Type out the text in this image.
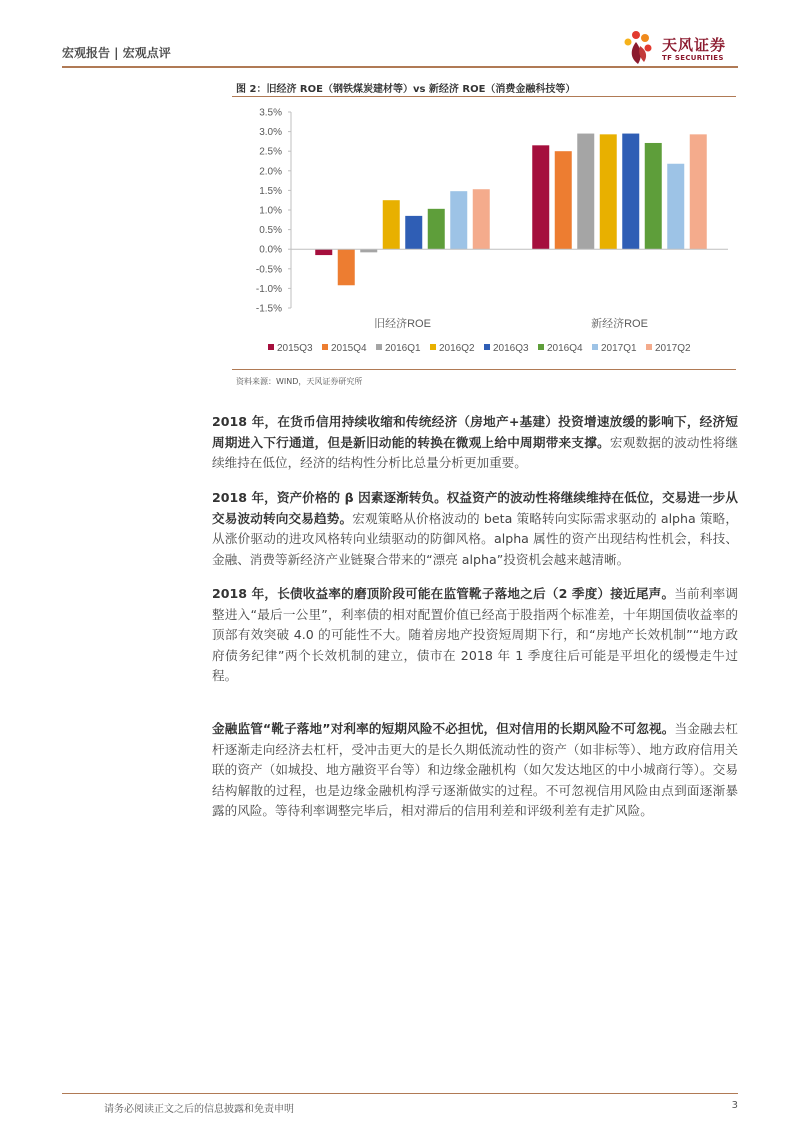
宏观报告 | 宏观点评	天风证券
TF SECURITIES
图 2：旧经济 ROE（钢铁煤炭建材等）vs 新经济 ROE（消费金融科技等）
3.5%
3.0%
2.5%
2.0%
1.5%
1.0%
0.5%
0.0%
-0.5%
-1.0%
-1.5%
旧经济ROE	新经济ROE
2015Q3 2015Q4 2016Q1 2016Q2 2016Q3 2016Q4 2017Q1 2017Q2
资料来源：WIND，天风证券研究所
2018 年，在货币信用持续收缩和传统经济（房地产+基建）投资增速放缓的影响下，经济短周期进入下行通道，但是新旧动能的转换在微观上给中周期带来支撑。宏观数据的波动性将继续维持在低位，经济的结构性分析比总量分析更加重要。
2018 年，资产价格的 β 因素逐渐转负。权益资产的波动性将继续维持在低位，交易进一步从交易波动转向交易趋势。宏观策略从价格波动的 beta 策略转向实际需求驱动的 alpha 策略，从涨价驱动的进攻风格转向业绩驱动的防御风格。alpha 属性的资产出现结构性机会，科技、金融、消费等新经济产业链聚合带来的“漂亮 alpha”投资机会越来越清晰。
2018 年，长债收益率的磨顶阶段可能在监管靴子落地之后（2 季度）接近尾声。当前利率调整进入“最后一公里”，利率债的相对配置价值已经高于股指两个标准差，十年期国债收益率的顶部有效突破 4.0 的可能性不大。随着房地产投资短周期下行，和“房地产长效机制”“地方政府债务纪律”两个长效机制的建立，债市在 2018 年 1 季度往后可能是平坦化的缓慢走牛过程。
金融监管“靴子落地”对利率的短期风险不必担忧，但对信用的长期风险不可忽视。当金融去杠杆逐渐走向经济去杠杆，受冲击更大的是长久期低流动性的资产（如非标等）、地方政府信用关联的资产（如城投、地方融资平台等）和边缘金融机构（如欠发达地区的中小城商行等）。交易结构解散的过程，也是边缘金融机构浮亏逐渐做实的过程。不可忽视信用风险由点到面逐渐暴露的风险。等待利率调整完毕后，相对滞后的信用利差和评级利差有走扩风险。
请务必阅读正文之后的信息披露和免责申明	3
